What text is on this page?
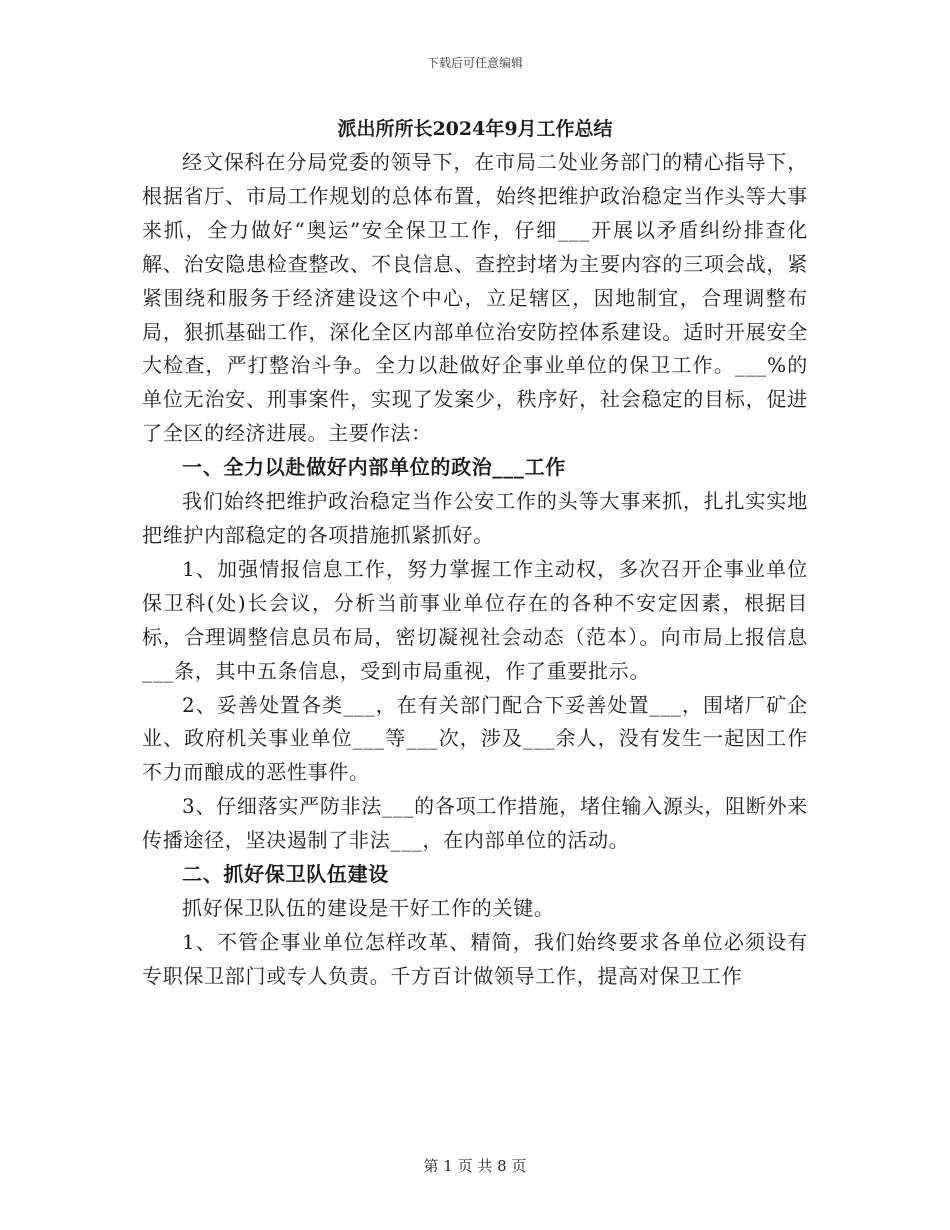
下载后可任意编辑
派出所所长2024年9月工作总结

经文保科在分局党委的领导下，在市局二处业务部门的精心指导下，根据省厅、市局工作规划的总体布置，始终把维护政治稳定当作头等大事来抓，全力做好“奥运”安全保卫工作，仔细___开展以矛盾纠纷排查化解、治安隐患检查整改、不良信息、查控封堵为主要内容的三项会战，紧紧围绕和服务于经济建设这个中心，立足辖区，因地制宜，合理调整布局，狠抓基础工作，深化全区内部单位治安防控体系建设。适时开展安全大检查，严打整治斗争。全力以赴做好企事业单位的保卫工作。___%的单位无治安、刑事案件，实现了发案少，秩序好，社会稳定的目标，促进了全区的经济进展。主要作法：

一、全力以赴做好内部单位的政治___工作

我们始终把维护政治稳定当作公安工作的头等大事来抓，扎扎实实地把维护内部稳定的各项措施抓紧抓好。

1、加强情报信息工作，努力掌握工作主动权，多次召开企事业单位保卫科(处)长会议，分析当前事业单位存在的各种不安定因素，根据目标，合理调整信息员布局，密切凝视社会动态（范本）。向市局上报信息___条，其中五条信息，受到市局重视，作了重要批示。

2、妥善处置各类___，在有关部门配合下妥善处置___，围堵厂矿企业、政府机关事业单位___等___次，涉及___余人，没有发生一起因工作不力而酿成的恶性事件。

3、仔细落实严防非法___的各项工作措施，堵住输入源头，阻断外来传播途径，坚决遏制了非法___，在内部单位的活动。

二、抓好保卫队伍建设

抓好保卫队伍的建设是干好工作的关键。

1、不管企事业单位怎样改革、精简，我们始终要求各单位必须设有专职保卫部门或专人负责。千方百计做领导工作，提高对保卫工作

第 1 页 共 8 页
